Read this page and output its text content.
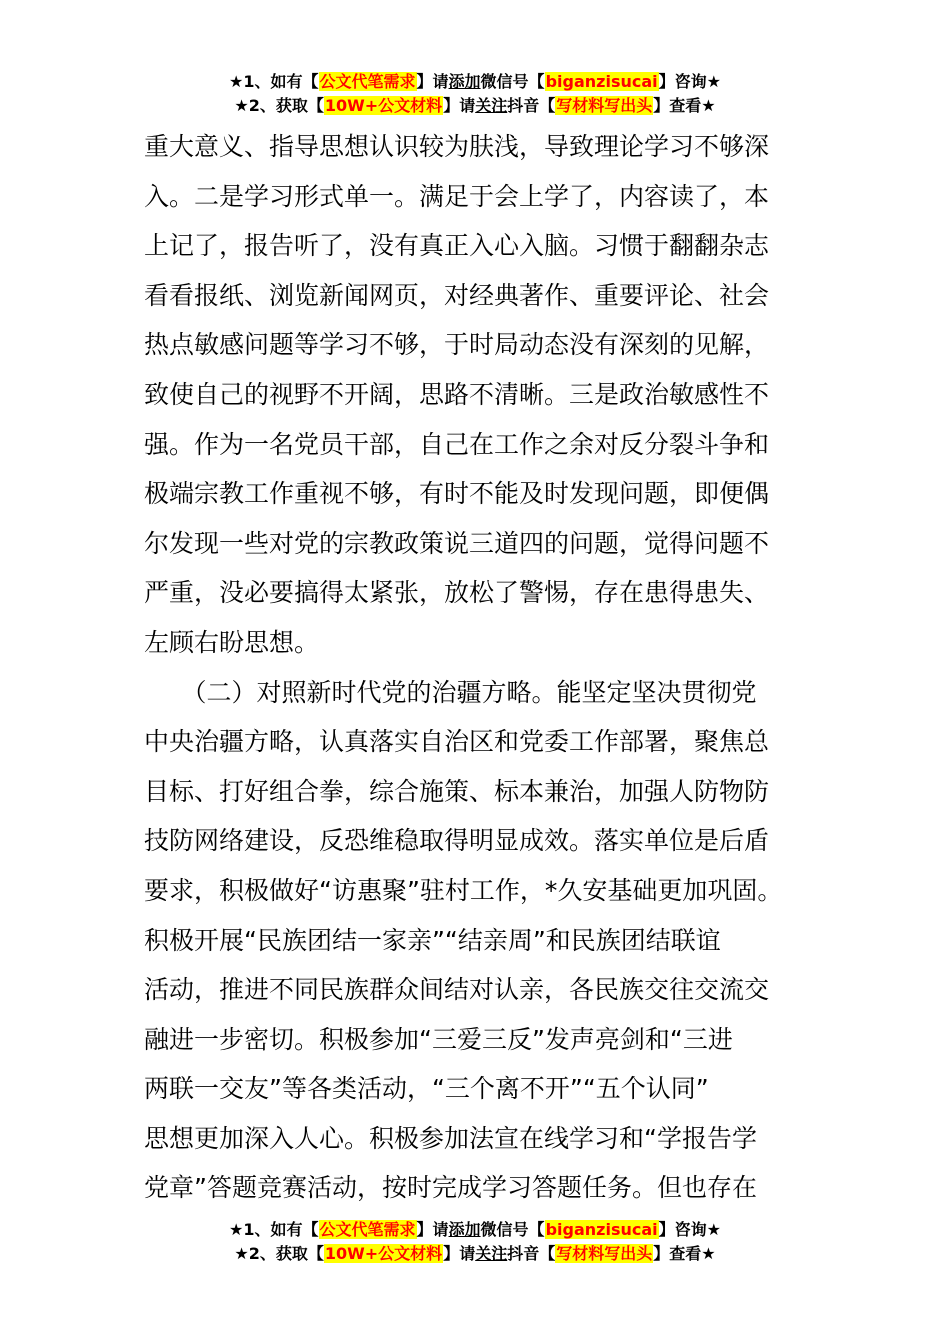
★1、如有【公文代笔需求】请添加微信号【biganzisucai】咨询★
★2、获取【10W+公文材料】请关注抖音【写材料写出头】查看★
重大意义、指导思想认识较为肤浅，导致理论学习不够深
入。二是学习形式单一。满足于会上学了，内容读了，本
上记了，报告听了，没有真正入心入脑。习惯于翻翻杂志
看看报纸、浏览新闻网页，对经典著作、重要评论、社会
热点敏感问题等学习不够，于时局动态没有深刻的见解，
致使自己的视野不开阔，思路不清晰。三是政治敏感性不
强。作为一名党员干部，自己在工作之余对反分裂斗争和
极端宗教工作重视不够，有时不能及时发现问题，即便偶
尔发现一些对党的宗教政策说三道四的问题，觉得问题不
严重，没必要搞得太紧张，放松了警惕，存在患得患失、
左顾右盼思想。
　　（二）对照新时代党的治疆方略。能坚定坚决贯彻党
中央治疆方略，认真落实自治区和党委工作部署，聚焦总
目标、打好组合拳，综合施策、标本兼治，加强人防物防
技防网络建设，反恐维稳取得明显成效。落实单位是后盾
要求，积极做好“访惠聚”驻村工作，*久安基础更加巩固。
积极开展“民族团结一家亲”“结亲周”和民族团结联谊
活动，推进不同民族群众间结对认亲，各民族交往交流交
融进一步密切。积极参加“三爱三反”发声亮剑和“三进
两联一交友”等各类活动，“三个离不开”“五个认同”
思想更加深入人心。积极参加法宣在线学习和“学报告学
党章”答题竞赛活动，按时完成学习答题任务。但也存在
★1、如有【公文代笔需求】请添加微信号【biganzisucai】咨询★
★2、获取【10W+公文材料】请关注抖音【写材料写出头】查看★
